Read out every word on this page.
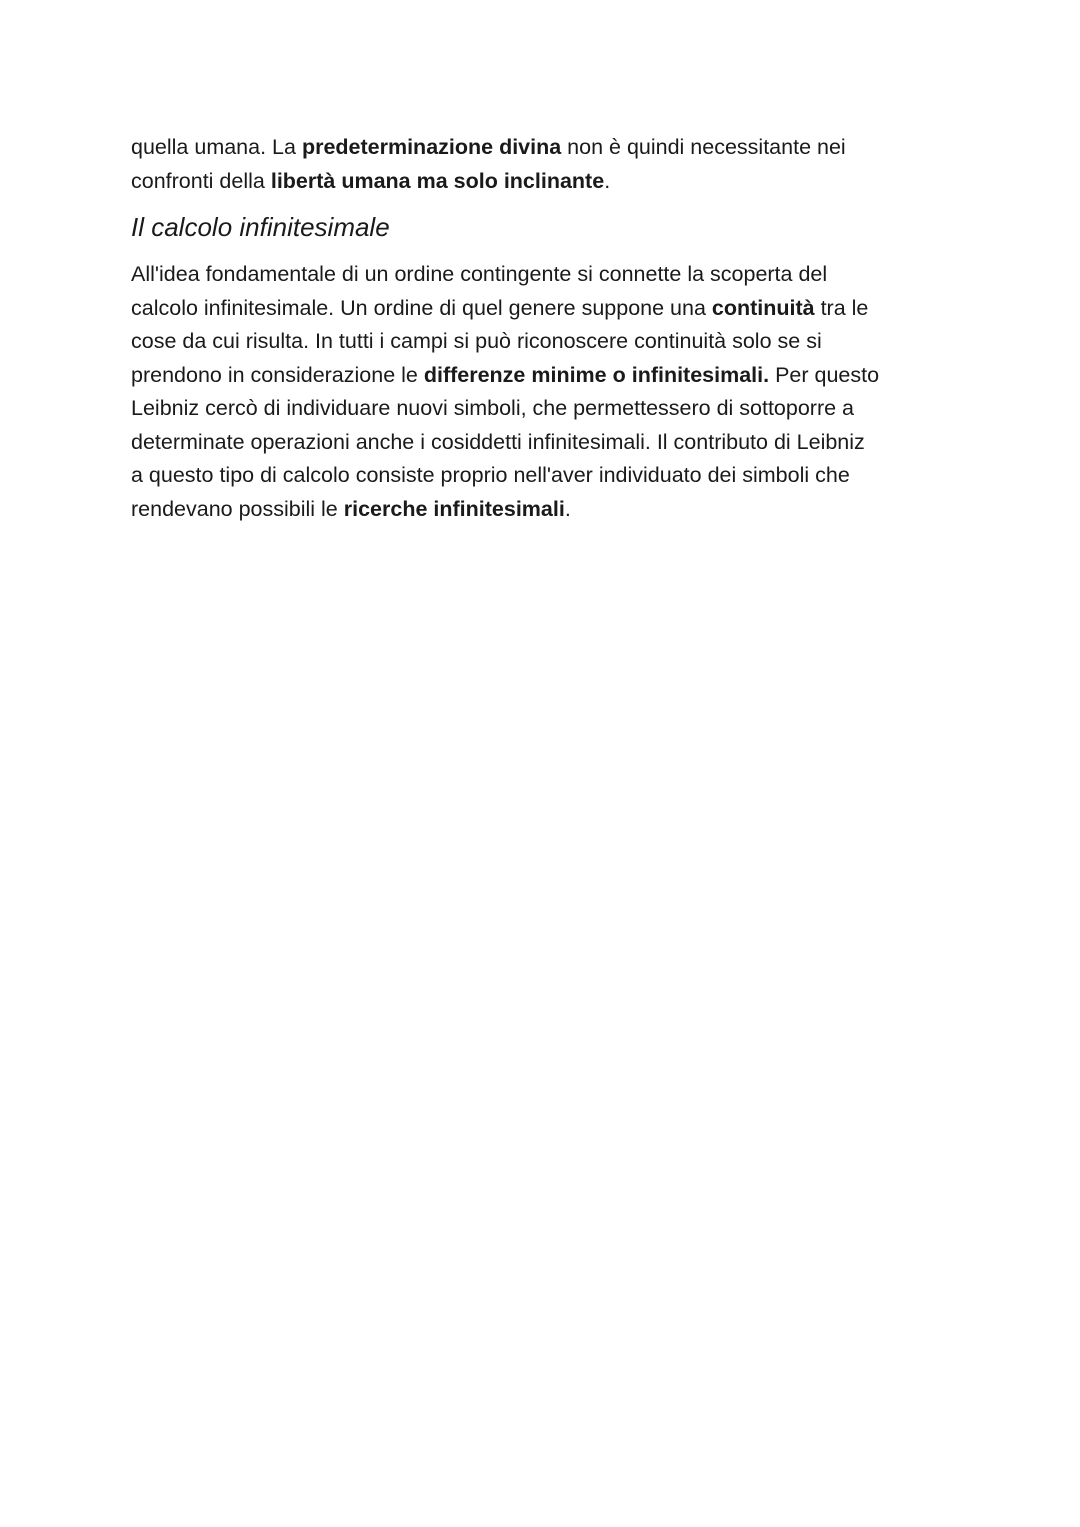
quella umana. La predeterminazione divina non è quindi necessitante nei
confronti della libertà umana ma solo inclinante.

Il calcolo infinitesimale

All'idea fondamentale di un ordine contingente si connette la scoperta del
calcolo infinitesimale. Un ordine di quel genere suppone una continuità tra le
cose da cui risulta. In tutti i campi si può riconoscere continuità solo se si
prendono in considerazione le differenze minime o infinitesimali. Per questo
Leibniz cercò di individuare nuovi simboli, che permettessero di sottoporre a
determinate operazioni anche i cosiddetti infinitesimali. Il contributo di Leibniz
a questo tipo di calcolo consiste proprio nell'aver individuato dei simboli che
rendevano possibili le ricerche infinitesimali.
